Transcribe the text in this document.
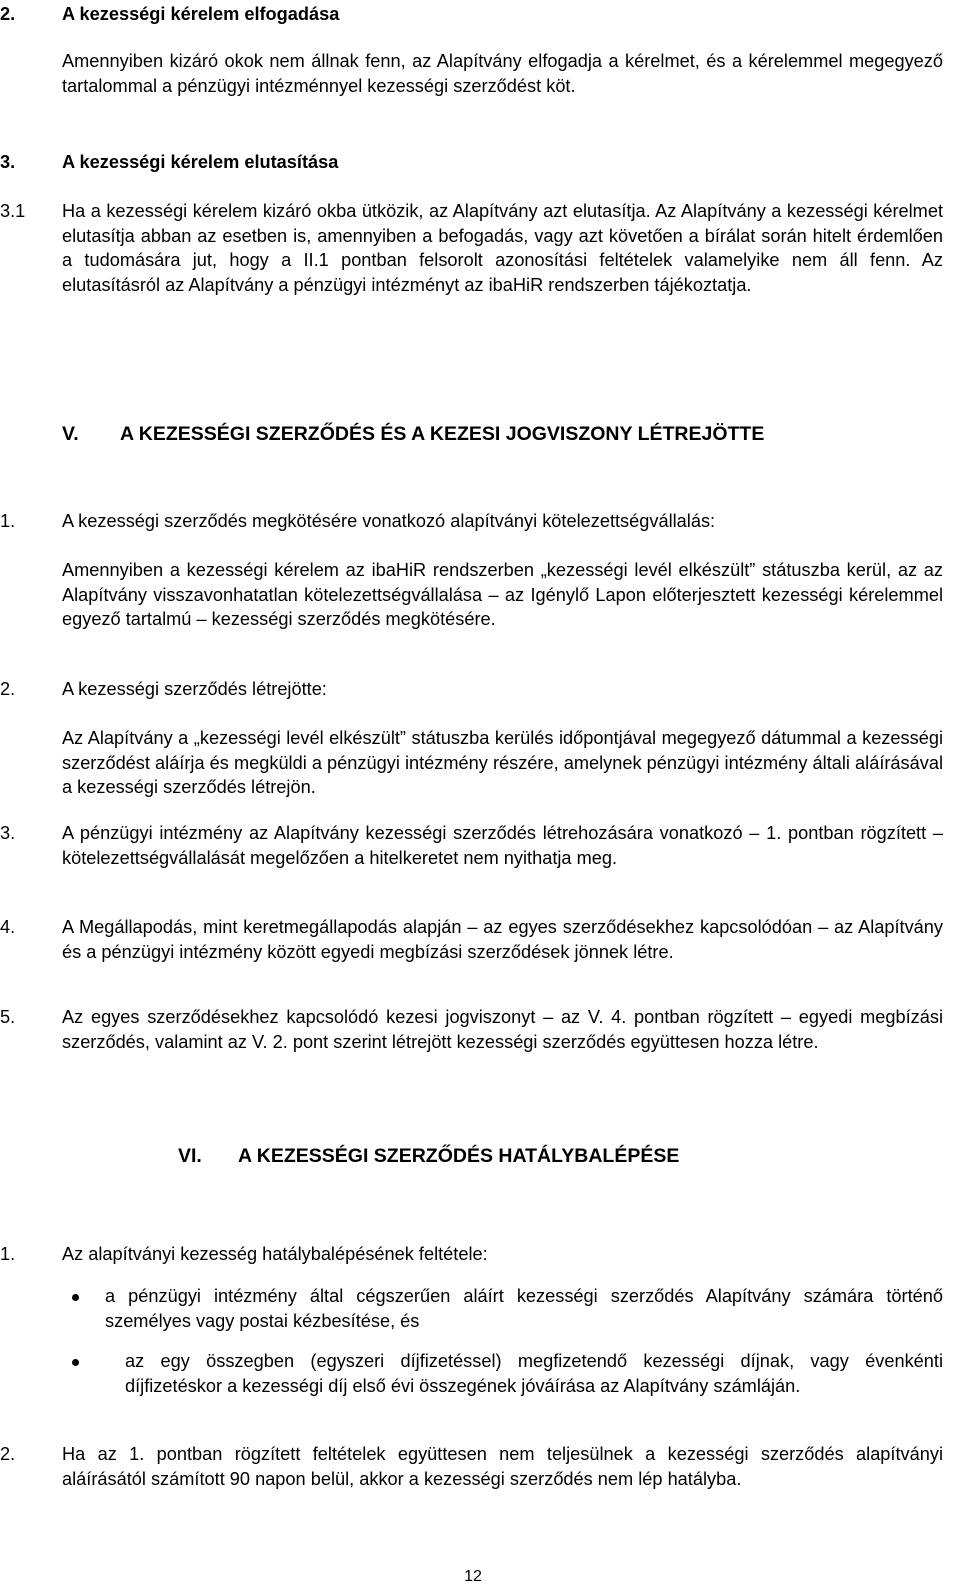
2.	A kezességi kérelem elfogadása

Amennyiben kizáró okok nem állnak fenn, az Alapítvány elfogadja a kérelmet, és a kérelemmel megegyező tartalommal a pénzügyi intézménnyel kezességi szerződést köt.

3.	A kezességi kérelem elutasítása
3.1 Ha a kezességi kérelem kizáró okba ütközik, az Alapítvány azt elutasítja. Az Alapítvány a kezességi kérelmet elutasítja abban az esetben is, amennyiben a befogadás, vagy azt követően a bírálat során hitelt érdemlően a tudomására jut, hogy a II.1 pontban felsorolt azonosítási feltételek valamelyike nem áll fenn. Az elutasításról az Alapítvány a pénzügyi intézményt az ibaHiR rendszerben tájékoztatja.

V. A KEZESSÉGI SZERZŐDÉS ÉS A KEZESI JOGVISZONY LÉTREJÖTTE
1.	A kezességi szerződés megkötésére vonatkozó alapítványi kötelezettségvállalás:

Amennyiben a kezességi kérelem az ibaHiR rendszerben „kezességi levél elkészült” státuszba kerül, az az Alapítvány visszavonhatatlan kötelezettségvállalása – az Igénylő Lapon előterjesztett kezességi kérelemmel egyező tartalmú – kezességi szerződés megkötésére.

2.	A kezességi szerződés létrejötte:

Az Alapítvány a „kezességi levél elkészült” státuszba kerülés időpontjával megegyező dátummal a kezességi szerződést aláírja és megküldi a pénzügyi intézmény részére, amelynek pénzügyi intézmény általi aláírásával a kezességi szerződés létrejön.

3.	A pénzügyi intézmény az Alapítvány kezességi szerződés létrehozására vonatkozó – 1. pontban rögzített – kötelezettségvállalását megelőzően a hitelkeretet nem nyithatja meg.

4.	A Megállapodás, mint keretmegállapodás alapján – az egyes szerződésekhez kapcsolódóan – az Alapítvány és a pénzügyi intézmény között egyedi megbízási szerződések jönnek létre.

5.	Az egyes szerződésekhez kapcsolódó kezesi jogviszonyt – az V. 4. pontban rögzített – egyedi megbízási szerződés, valamint az V. 2. pont szerint létrejött kezességi szerződés együttesen hozza létre.

VI. A KEZESSÉGI SZERZŐDÉS HATÁLYBALÉPÉSE
1.	Az alapítványi kezesség hatálybalépésének feltétele:

a pénzügyi intézmény által cégszerűen aláírt kezességi szerződés Alapítvány számára történő személyes vagy postai kézbesítése, és

az egy összegben (egyszeri díjfizetéssel) megfizetendő kezességi díjnak, vagy évenkénti díjfizetéskor a kezességi díj első évi összegének jóváírása az Alapítvány számláján.

2.	Ha az 1. pontban rögzített feltételek együttesen nem teljesülnek a kezességi szerződés alapítványi aláírásától számított 90 napon belül, akkor a kezességi szerződés nem lép hatályba.

12
